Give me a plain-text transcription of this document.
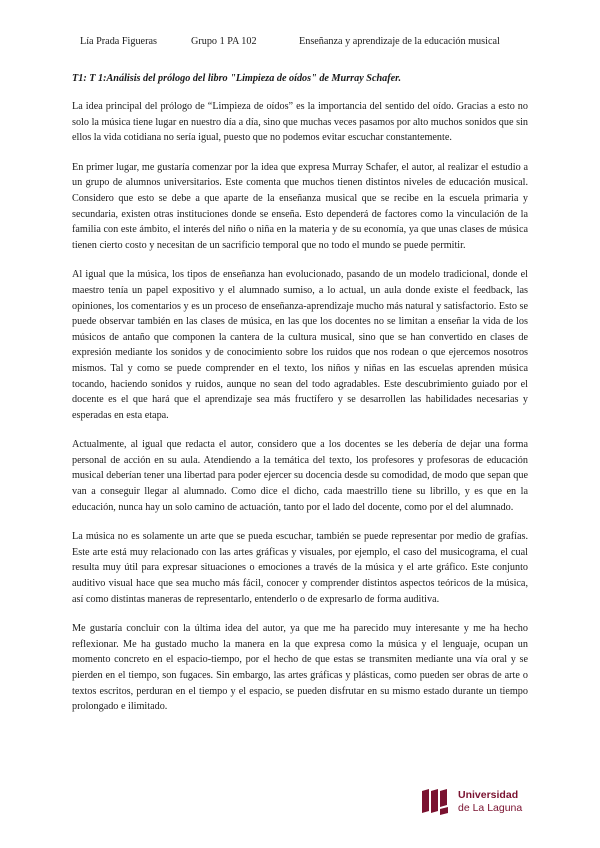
Lía Prada Figueras	Grupo 1 PA 102	Enseñanza y aprendizaje de la educación musical
T1: T 1:Análisis del prólogo del libro "Limpieza de oídos" de Murray Schafer.

La idea principal del prólogo de “Limpieza de oídos” es la importancia del sentido del oído. Gracias a esto no solo la música tiene lugar en nuestro día a día, sino que muchas veces pasamos por alto muchos sonidos que sin ellos la vida cotidiana no sería igual, puesto que no podemos evitar escuchar constantemente.

En primer lugar, me gustaría comenzar por la idea que expresa Murray Schafer, el autor, al realizar el estudio a un grupo de alumnos universitarios. Este comenta que muchos tienen distintos niveles de educación musical. Considero que esto se debe a que aparte de la enseñanza musical que se recibe en la escuela primaria y secundaria, existen otras instituciones donde se enseña. Esto dependerá de factores como la vinculación de la familia con este ámbito, el interés del niño o niña en la materia y de su economía, ya que unas clases de música tienen cierto costo y necesitan de un sacrificio temporal que no todo el mundo se puede permitir.

Al igual que la música, los tipos de enseñanza han evolucionado, pasando de un modelo tradicional, donde el maestro tenía un papel expositivo y el alumnado sumiso, a lo actual, un aula donde existe el feedback, las opiniones, los comentarios y es un proceso de enseñanza-aprendizaje mucho más natural y satisfactorio. Esto se puede observar también en las clases de música, en las que los docentes no se limitan a enseñar la vida de los músicos de antaño que componen la cantera de la cultura musical, sino que se han convertido en clases de expresión mediante los sonidos y de conocimiento sobre los ruidos que nos rodean o que ejercemos nosotros mismos. Tal y como se puede comprender en el texto, los niños y niñas en las escuelas aprenden música tocando, haciendo sonidos y ruidos, aunque no sean del todo agradables. Este descubrimiento guiado por el docente es el que hará que el aprendizaje sea más fructífero y se desarrollen las habilidades necesarias y esperadas en esta etapa.

Actualmente, al igual que redacta el autor, considero que a los docentes se les debería de dejar una forma personal de acción en su aula. Atendiendo a la temática del texto, los profesores y profesoras de educación musical deberían tener una libertad para poder ejercer su docencia desde su comodidad, de modo que sepan que van a conseguir llegar al alumnado. Como dice el dicho, cada maestrillo tiene su librillo, y es que en la educación, nunca hay un solo camino de actuación, tanto por el lado del docente, como por el del alumnado.

La música no es solamente un arte que se pueda escuchar, también se puede representar por medio de grafías. Este arte está muy relacionado con las artes gráficas y visuales, por ejemplo, el caso del musicograma, el cual resulta muy útil para expresar situaciones o emociones a través de la música y el arte gráfico. Este conjunto auditivo visual hace que sea mucho más fácil, conocer y comprender distintos aspectos teóricos de la música, así como distintas maneras de representarlo, entenderlo o de expresarlo de forma auditiva.

Me gustaría concluir con la última idea del autor, ya que me ha parecido muy interesante y me ha hecho reflexionar. Me ha gustado mucho la manera en la que expresa como la música y el lenguaje, ocupan un momento concreto en el espacio-tiempo, por el hecho de que estas se transmiten mediante una vía oral y se pierden en el tiempo, son fugaces. Sin embargo, las artes gráficas y plásticas, como pueden ser obras de arte o textos escritos, perduran en el tiempo y el espacio, se pueden disfrutar en su mismo estado durante un tiempo prolongado e ilimitado.

Universidad
de La Laguna
